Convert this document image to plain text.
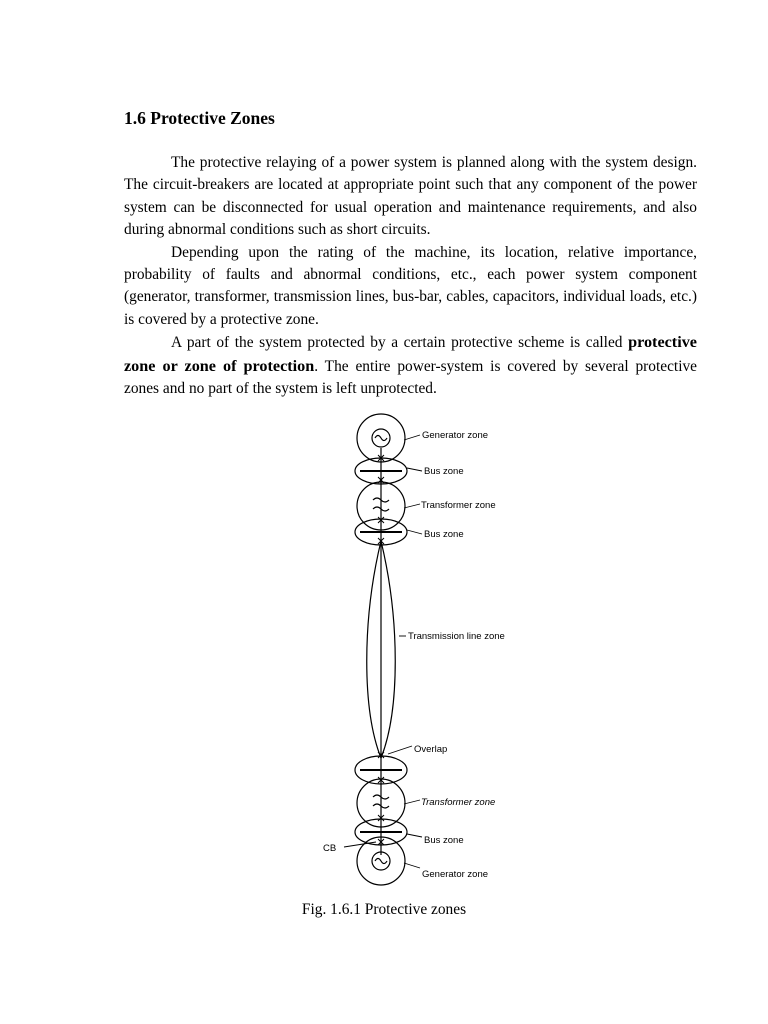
1.6 Protective Zones

The protective relaying of a power system is planned along with the system design. The circuit-breakers are located at appropriate point such that any component of the power system can be disconnected for usual operation and maintenance requirements, and also during abnormal conditions such as short circuits.

Depending upon the rating of the machine, its location, relative importance, probability of faults and abnormal conditions, etc., each power system component (generator, transformer, transmission lines, bus-bar, cables, capacitors, individual loads, etc.) is covered by a protective zone.

A part of the system protected by a certain protective scheme is called protective zone or zone of protection. The entire power-system is covered by several protective zones and no part of the system is left unprotected.

Generator zone
Bus zone
Transformer zone
Bus zone
Transmission line zone
Overlap
Transformer zone
Bus zone
CB
Generator zone
Fig. 1.6.1 Protective zones
